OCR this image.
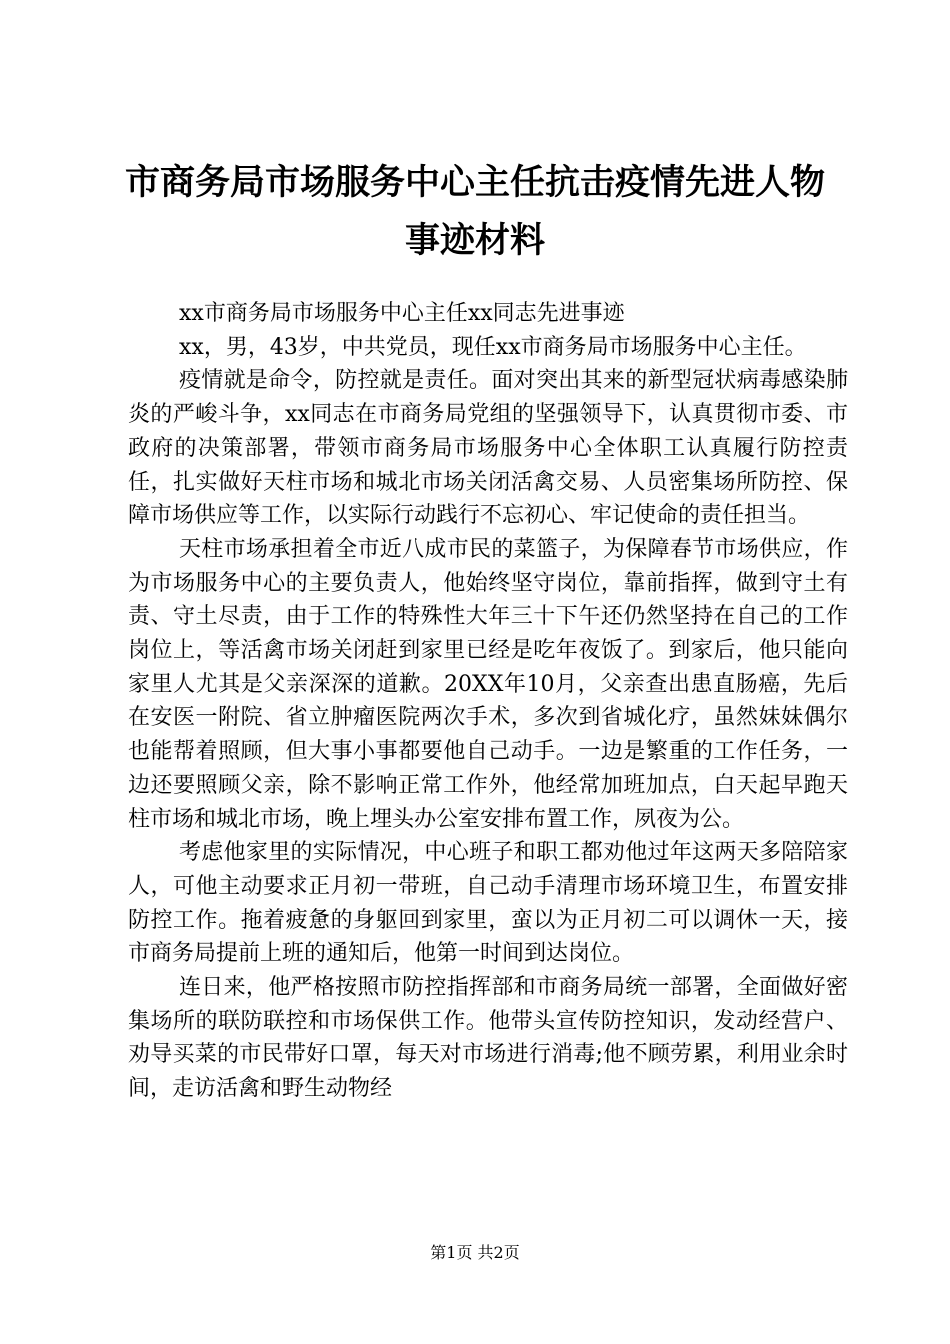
市商务局市场服务中心主任抗击疫情先进人物
事迹材料

xx市商务局市场服务中心主任xx同志先进事迹

xx，男，43岁，中共党员，现任xx市商务局市场服务中心主任。

疫情就是命令，防控就是责任。面对突出其来的新型冠状病毒感染肺炎的严峻斗争，xx同志在市商务局党组的坚强领导下，认真贯彻市委、市政府的决策部署，带领市商务局市场服务中心全体职工认真履行防控责任，扎实做好天柱市场和城北市场关闭活禽交易、人员密集场所防控、保障市场供应等工作，以实际行动践行不忘初心、牢记使命的责任担当。

天柱市场承担着全市近八成市民的菜篮子，为保障春节市场供应，作为市场服务中心的主要负责人，他始终坚守岗位，靠前指挥，做到守土有责、守土尽责，由于工作的特殊性大年三十下午还仍然坚持在自己的工作岗位上，等活禽市场关闭赶到家里已经是吃年夜饭了。到家后，他只能向家里人尤其是父亲深深的道歉。20XX年10月，父亲查出患直肠癌，先后在安医一附院、省立肿瘤医院两次手术，多次到省城化疗，虽然妹妹偶尔也能帮着照顾，但大事小事都要他自己动手。一边是繁重的工作任务，一边还要照顾父亲，除不影响正常工作外，他经常加班加点，白天起早跑天柱市场和城北市场，晚上埋头办公室安排布置工作，夙夜为公。

考虑他家里的实际情况，中心班子和职工都劝他过年这两天多陪陪家人，可他主动要求正月初一带班，自己动手清理市场环境卫生，布置安排防控工作。拖着疲惫的身躯回到家里，蛮以为正月初二可以调休一天，接市商务局提前上班的通知后，他第一时间到达岗位。

连日来，他严格按照市防控指挥部和市商务局统一部署，全面做好密集场所的联防联控和市场保供工作。他带头宣传防控知识，发动经营户、劝导买菜的市民带好口罩，每天对市场进行消毒;他不顾劳累，利用业余时间，走访活禽和野生动物经

第1页 共2页
